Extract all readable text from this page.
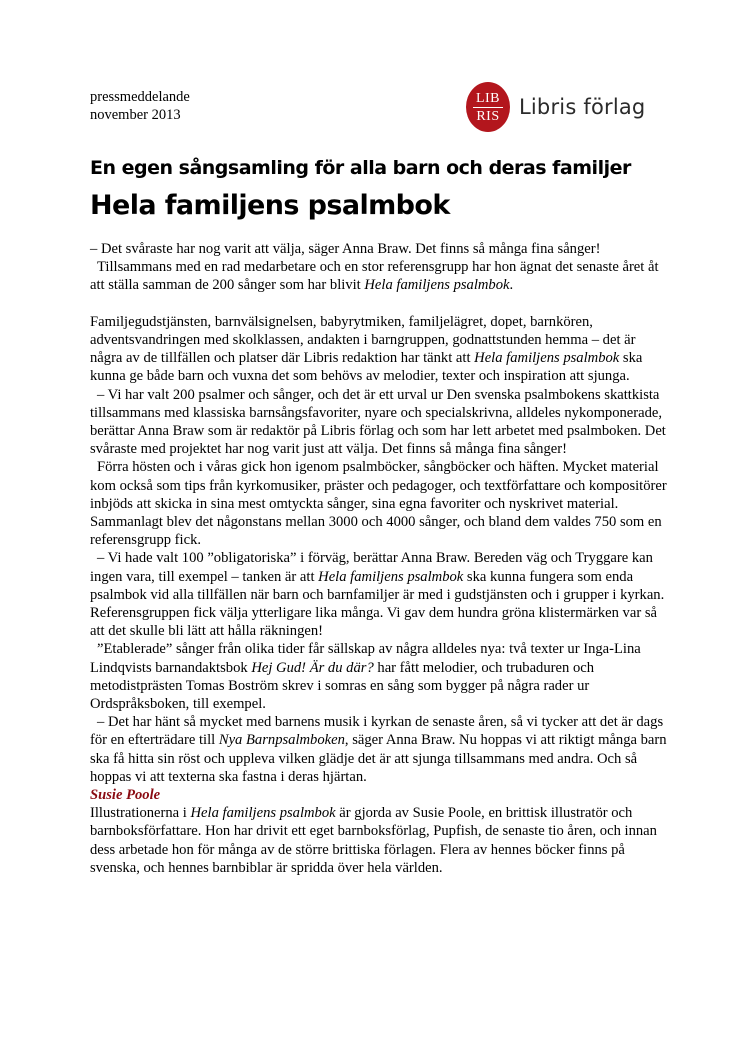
pressmeddelande
november 2013
LIB
RIS Libris förlag
En egen sångsamling för alla barn och deras familjer
Hela familjens psalmbok

– Det svåraste har nog varit att välja, säger Anna Braw. Det finns så många fina sånger!

Tillsammans med en rad medarbetare och en stor referensgrupp har hon ägnat det senaste året åt att ställa samman de 200 sånger som har blivit Hela familjens psalmbok.

Familjegudstjänsten, barnvälsignelsen, babyrytmiken, familjelägret, dopet, barnkören, adventsvandringen med skolklassen, andakten i barngruppen, godnattstunden hemma – det är några av de tillfällen och platser där Libris redaktion har tänkt att Hela familjens psalmbok ska kunna ge både barn och vuxna det som behövs av melodier, texter och inspiration att sjunga.

– Vi har valt 200 psalmer och sånger, och det är ett urval ur Den svenska psalmbokens skattkista tillsammans med klassiska barnsångsfavoriter, nyare och specialskrivna, alldeles nykomponerade, berättar Anna Braw som är redaktör på Libris förlag och som har lett arbetet med psalmboken. Det svåraste med projektet har nog varit just att välja. Det finns så många fina sånger!

Förra hösten och i våras gick hon igenom psalmböcker, sångböcker och häften. Mycket material kom också som tips från kyrkomusiker, präster och pedagoger, och textförfattare och kompositörer inbjöds att skicka in sina mest omtyckta sånger, sina egna favoriter och nyskrivet material. Sammanlagt blev det någonstans mellan 3000 och 4000 sånger, och bland dem valdes 750 som en referensgrupp fick.

– Vi hade valt 100 ”obligatoriska” i förväg, berättar Anna Braw. Bereden väg och Tryggare kan ingen vara, till exempel – tanken är att Hela familjens psalmbok ska kunna fungera som enda psalmbok vid alla tillfällen när barn och barnfamiljer är med i gudstjänsten och i grupper i kyrkan. Referensgruppen fick välja ytterligare lika många. Vi gav dem hundra gröna klistermärken var så att det skulle bli lätt att hålla räkningen!

”Etablerade” sånger från olika tider får sällskap av några alldeles nya: två texter ur Inga-Lina Lindqvists barnandaktsbok Hej Gud! Är du där? har fått melodier, och trubaduren och metodistprästen Tomas Boström skrev i somras en sång som bygger på några rader ur Ordspråksboken, till exempel.

– Det har hänt så mycket med barnens musik i kyrkan de senaste åren, så vi tycker att det är dags för en efterträdare till Nya Barnpsalmboken, säger Anna Braw. Nu hoppas vi att riktigt många barn ska få hitta sin röst och uppleva vilken glädje det är att sjunga tillsammans med andra. Och så hoppas vi att texterna ska fastna i deras hjärtan.

Susie Poole

Illustrationerna i Hela familjens psalmbok är gjorda av Susie Poole, en brittisk illustratör och barnboksförfattare. Hon har drivit ett eget barnboksförlag, Pupfish, de senaste tio åren, och innan dess arbetade hon för många av de större brittiska förlagen. Flera av hennes böcker finns på svenska, och hennes barnbiblar är spridda över hela världen.
